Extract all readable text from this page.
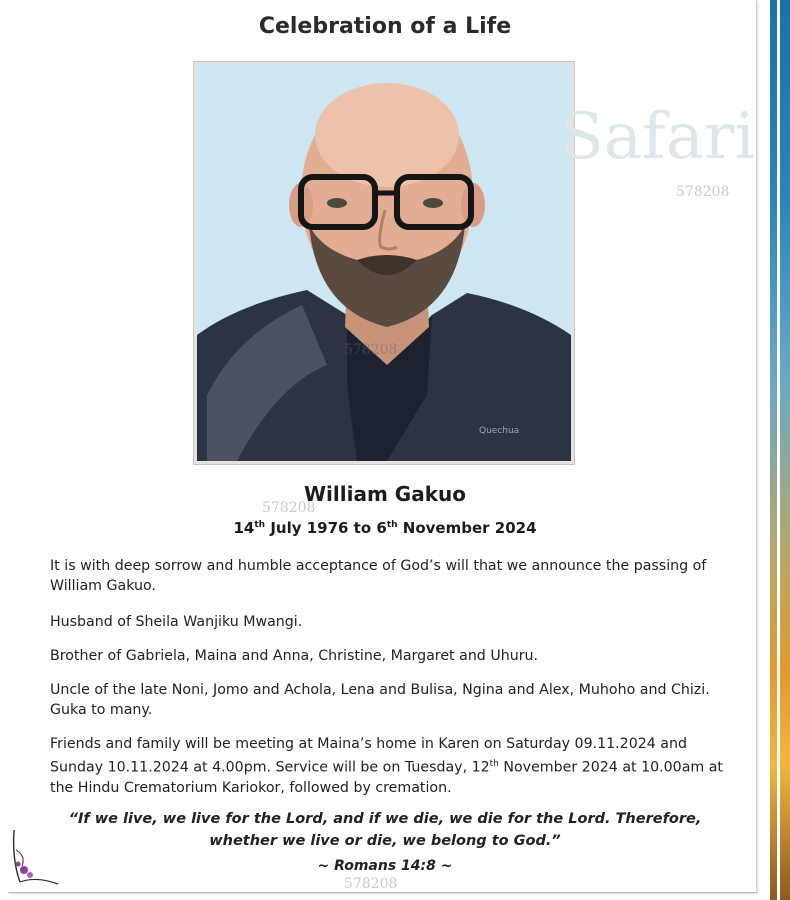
Celebration of a Life
Quechua
Safari
578208
578208
578208
578208
William Gakuo
14th July 1976 to 6th November 2024
It is with deep sorrow and humble acceptance of God’s will that we announce the passing of William Gakuo.
Husband of Sheila Wanjiku Mwangi.
Brother of Gabriela, Maina and Anna, Christine, Margaret and Uhuru.
Uncle of the late Noni, Jomo and Achola, Lena and Bulisa, Ngina and Alex, Muhoho and Chizi. Guka to many.
Friends and family will be meeting at Maina’s home in Karen on Saturday 09.11.2024 and Sunday 10.11.2024 at 4.00pm. Service will be on Tuesday, 12th November 2024 at 10.00am at the Hindu Crematorium Kariokor, followed by cremation.
“If we live, we live for the Lord, and if we die, we die for the Lord. Therefore, whether we live or die, we belong to God.”
~ Romans 14:8 ~
